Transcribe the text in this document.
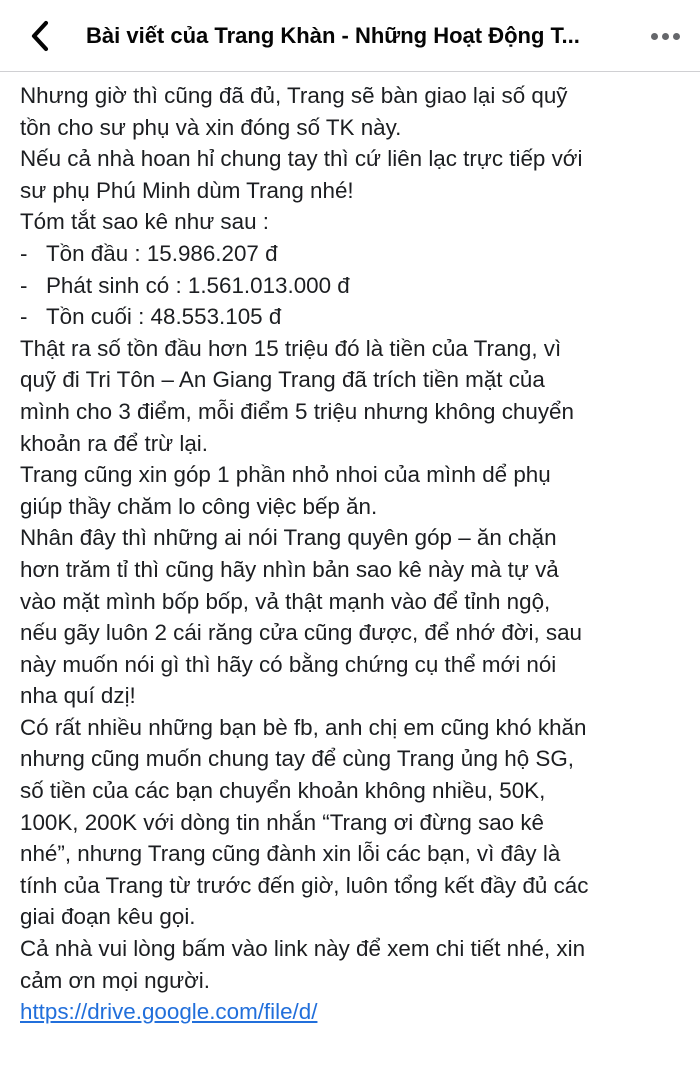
Bài viết của Trang Khàn - Những Hoạt Động T...
Nhưng giờ thì cũng đã đủ, Trang sẽ bàn giao lại số quỹ
tồn cho sư phụ và xin đóng số TK này.
Nếu cả nhà hoan hỉ chung tay thì cứ liên lạc trực tiếp với
sư phụ Phú Minh dùm Trang nhé!
Tóm tắt sao kê như sau :
- Tồn đầu : 15.986.207 đ
- Phát sinh có : 1.561.013.000 đ
- Tồn cuối : 48.553.105 đ
Thật ra số tồn đầu hơn 15 triệu đó là tiền của Trang, vì
quỹ đi Tri Tôn – An Giang Trang đã trích tiền mặt của
mình cho 3 điểm, mỗi điểm 5 triệu nhưng không chuyển
khoản ra để trừ lại.
Trang cũng xin góp 1 phần nhỏ nhoi của mình dể phụ
giúp thầy chăm lo công việc bếp ăn.
Nhân đây thì những ai nói Trang quyên góp – ăn chặn
hơn trăm tỉ thì cũng hãy nhìn bản sao kê này mà tự vả
vào mặt mình bốp bốp, vả thật mạnh vào để tỉnh ngộ,
nếu gãy luôn 2 cái răng cửa cũng được, để nhớ đời, sau
này muốn nói gì thì hãy có bằng chứng cụ thể mới nói
nha quí dzị!
Có rất nhiều những bạn bè fb, anh chị em cũng khó khăn
nhưng cũng muốn chung tay để cùng Trang ủng hộ SG,
số tiền của các bạn chuyển khoản không nhiều, 50K,
100K, 200K với dòng tin nhắn “Trang ơi đừng sao kê
nhé”, nhưng Trang cũng đành xin lỗi các bạn, vì đây là
tính của Trang từ trước đến giờ, luôn tổng kết đầy đủ các
giai đoạn kêu gọi.
Cả nhà vui lòng bấm vào link này để xem chi tiết nhé, xin
cảm ơn mọi người.
https://drive.google.com/file/d/
